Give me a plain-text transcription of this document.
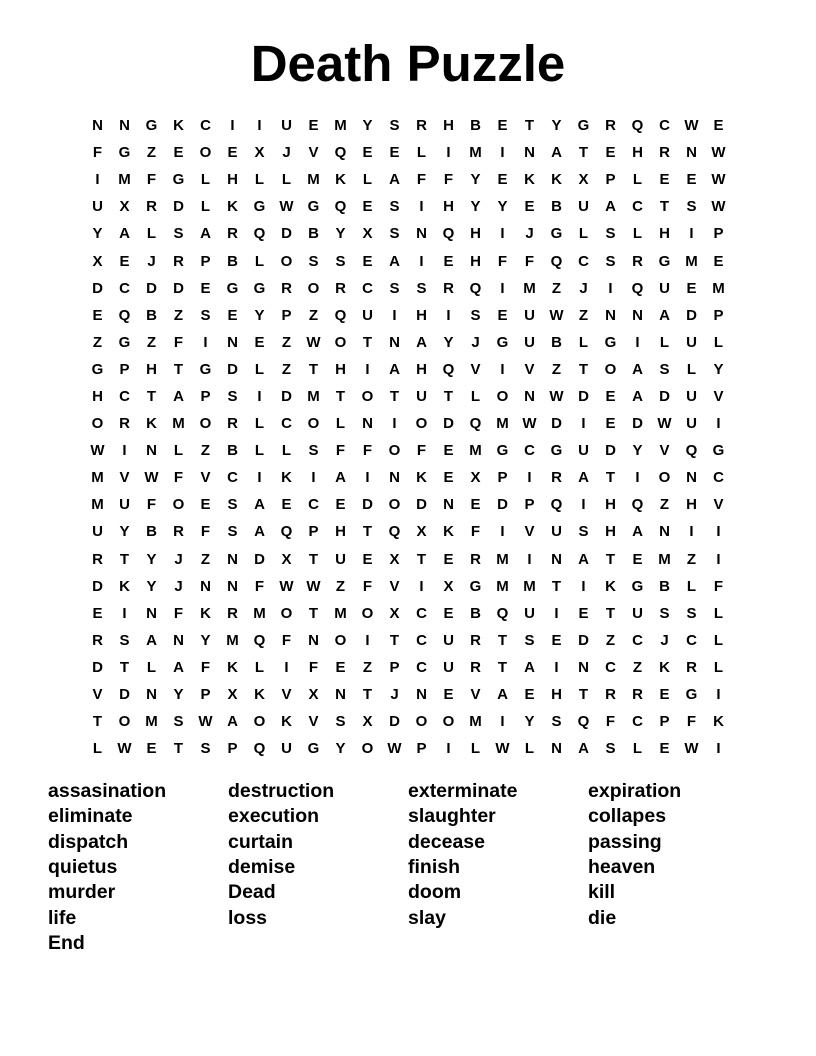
Death Puzzle
N	N	G	K	C	I	I	U	E	M	Y	S	R	H	B	E	T	Y	G	R	Q	C W E
F	G	Z	E	O	E	X	J	V	Q	E	E	L	I	M	I	N	A	T	E	H	R	N W
I	M	F	G	L	H	L	L	M	K	L	A	F	F	Y	E	K	K	X	P	L	E	E W
U	X	R	D	L	K	G W G	Q	E	S	I	H	Y	Y	E	B	U	A	C	T	S W
Y	A	L	S	A	R	Q	D	B	Y	X	S	N	Q	H	I	J	G	L	S	L	H	I	P
X	E	J	R	P	B	L	O	S	S	E	A	I	E	H	F	F	Q	C	S	R	G M	E
D	C	D	D	E	G	G	R	O	R	C	S	S	R	Q	I	M	Z	J	I	Q	U	E	M
E	Q	B	Z	S	E	Y	P	Z	Q	U	I	H	I	S	E	U W	Z	N	N	A	D	P
Z	G	Z	F	I	N	E	Z	W O	T	N	A	Y	J	G	U	B	L	G	I	L	U	L
G	P	H	T	G	D	L	Z	T	H	I	A	H	Q	V	I	V	Z	T	O	A	S	L	Y
H	C	T	A	P	S	I	D	M	T	O	T	U	T	L	O	N W D	E	A	D	U	V
O	R	K	M O	R	L	C	O	L	N	I	O	D	Q M W D	I	E	D W U	I
W	I	N	L	Z	B	L	L	S	F	F	O	F	E	M G	C	G	U	D	Y	V	Q	G
M	V W	F	V	C	I	K	I	A	I	N	K	E	X	P	I	R	A	T	I	O	N	C
M	U	F	O	E	S	A	E	C	E	D	O	D	N	E	D	P	Q	I	H	Q	Z	H	V
U	Y	B	R	F	S	A	Q	P	H	T	Q	X	K	F	I	V	U	S	H	A	N	I	I
R	T	Y	J	Z	N	D	X	T	U	E	X	T	E	R	M	I	N	A	T	E	M	Z	I
D	K	Y	J	N	N	F	W W	Z	F	V	I	X	G M M	T	I	K	G	B	L	F
E	I	N	F	K	R	M O	T	M O	X	C	E	B	Q	U	I	E	T	U	S	S	L
R	S	A	N	Y	M Q	F	N	O	I	T	C	U	R	T	S	E	D	Z	C	J	C	L
D	T	L	A	F	K	L	I	F	E	Z	P	C	U	R	T	A	I	N	C	Z	K	R	L
V	D	N	Y	P	X	K	V	X	N	T	J	N	E	V	A	E	H	T	R	R	E	G	I
T	O M	S W A	O	K	V	S	X	D	O	O M	I	Y	S	Q	F	C	P	F	K
L	W E	T	S	P	Q	U	G	Y	O W P	I	L	W	L	N	A	S	L	E W	I
assasination	destruction	exterminate	expiration
eliminate	execution	slaughter	collapes
dispatch	curtain	decease	passing
quietus	demise	finish	heaven
murder	Dead	doom	kill
life	loss	slay	die
End
